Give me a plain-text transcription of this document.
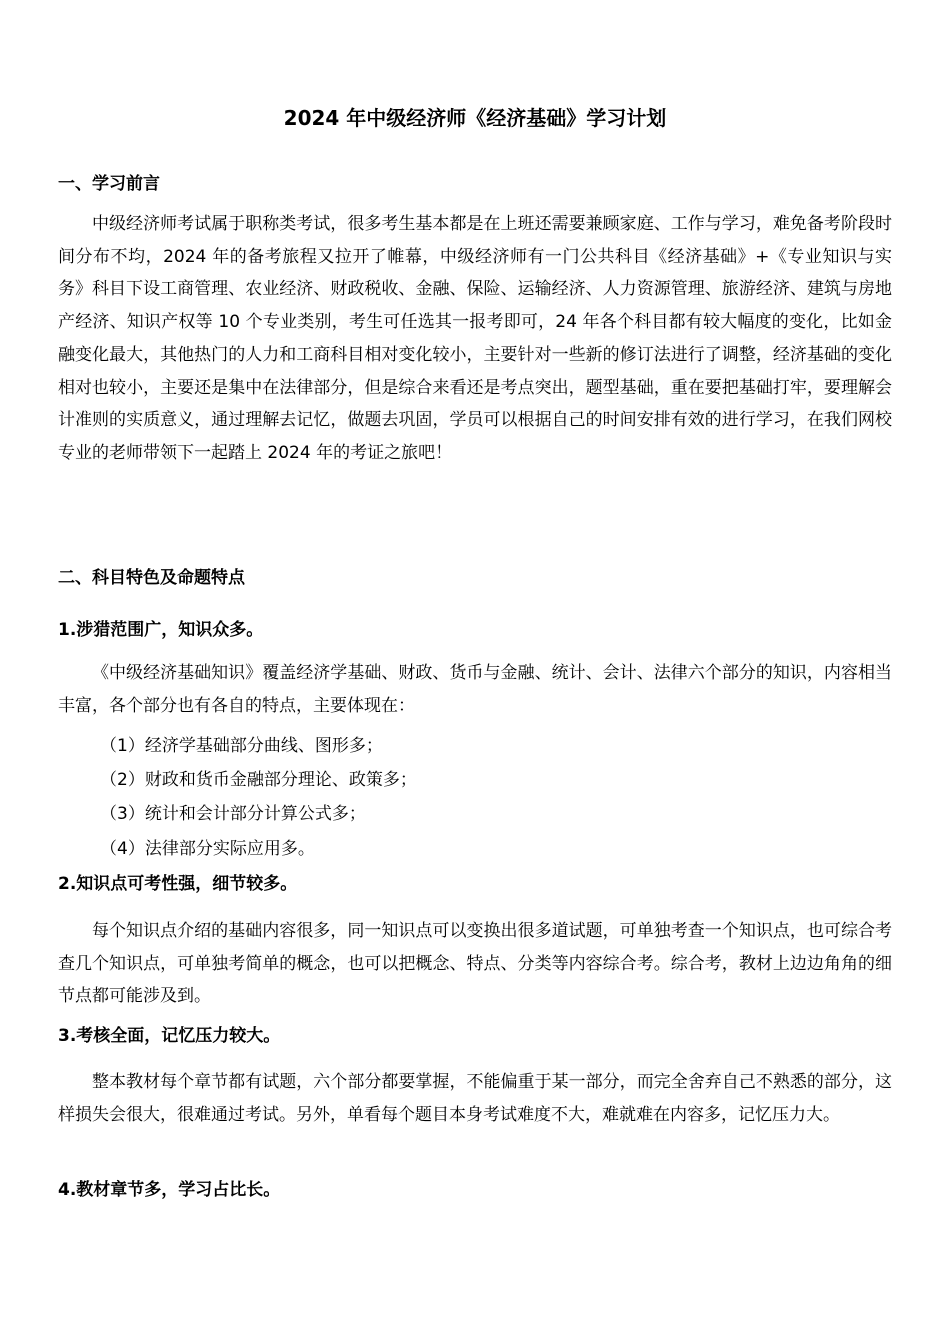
2024 年中级经济师《经济基础》学习计划
一、学习前言

中级经济师考试属于职称类考试，很多考生基本都是在上班还需要兼顾家庭、工作与学习，难免备考阶段时间分布不均，2024 年的备考旅程又拉开了帷幕，中级经济师有一门公共科目《经济基础》+《专业知识与实务》科目下设工商管理、农业经济、财政税收、金融、保险、运输经济、人力资源管理、旅游经济、建筑与房地产经济、知识产权等 10 个专业类别，考生可任选其一报考即可，24 年各个科目都有较大幅度的变化，比如金融变化最大，其他热门的人力和工商科目相对变化较小，主要针对一些新的修订法进行了调整，经济基础的变化相对也较小，主要还是集中在法律部分，但是综合来看还是考点突出，题型基础，重在要把基础打牢，要理解会计准则的实质意义，通过理解去记忆，做题去巩固，学员可以根据自己的时间安排有效的进行学习，在我们网校专业的老师带领下一起踏上 2024 年的考证之旅吧！

二、科目特色及命题特点
1.涉猎范围广，知识众多。

《中级经济基础知识》覆盖经济学基础、财政、货币与金融、统计、会计、法律六个部分的知识，内容相当丰富，各个部分也有各自的特点，主要体现在：

（1）经济学基础部分曲线、图形多；
（2）财政和货币金融部分理论、政策多；
（3）统计和会计部分计算公式多；
（4）法律部分实际应用多。
2.知识点可考性强，细节较多。

每个知识点介绍的基础内容很多，同一知识点可以变换出很多道试题，可单独考查一个知识点，也可综合考查几个知识点，可单独考简单的概念，也可以把概念、特点、分类等内容综合考。综合考，教材上边边角角的细节点都可能涉及到。

3.考核全面，记忆压力较大。

整本教材每个章节都有试题，六个部分都要掌握，不能偏重于某一部分，而完全舍弃自己不熟悉的部分，这样损失会很大，很难通过考试。另外，单看每个题目本身考试难度不大，难就难在内容多，记忆压力大。

4.教材章节多，学习占比长。
